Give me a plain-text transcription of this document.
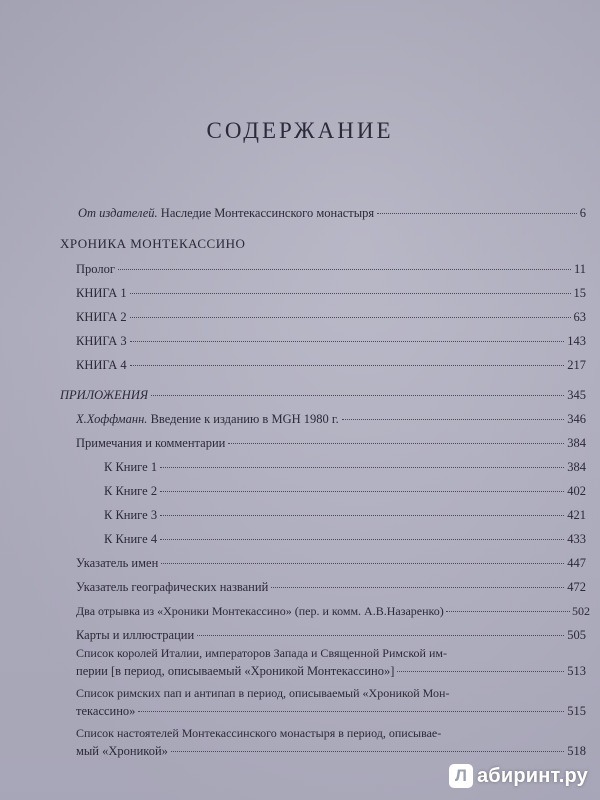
СОДЕРЖАНИЕ
От издателей. Наследие Монтекассинского монастыря	6
ХРОНИКА МОНТЕКАССИНО
Пролог	11
КНИГА 1	15
КНИГА 2	63
КНИГА 3	143
КНИГА 4	217
ПРИЛОЖЕНИЯ	345
Х.Хоффманн. Введение к изданию в MGH 1980 г.	346
Примечания и комментарии	384
К Книге 1	384
К Книге 2	402
К Книге 3	421
К Книге 4	433
Указатель имен	447
Указатель географических названий	472
Два отрывка из «Хроники Монтекассино» (пер. и комм. А.В.Назаренко)	502
Карты и иллюстрации	505
Список королей Италии, императоров Запада и Священной Римской им-
перии [в период, описываемый «Хроникой Монтекассино»]	513
Список римских пап и антипап в период, описываемый «Хроникой Мон-
текассино»	515
Список настоятелей Монтекассинского монастыря в период, описывае-
мый «Хроникой»	518
Л абиринт.ру
